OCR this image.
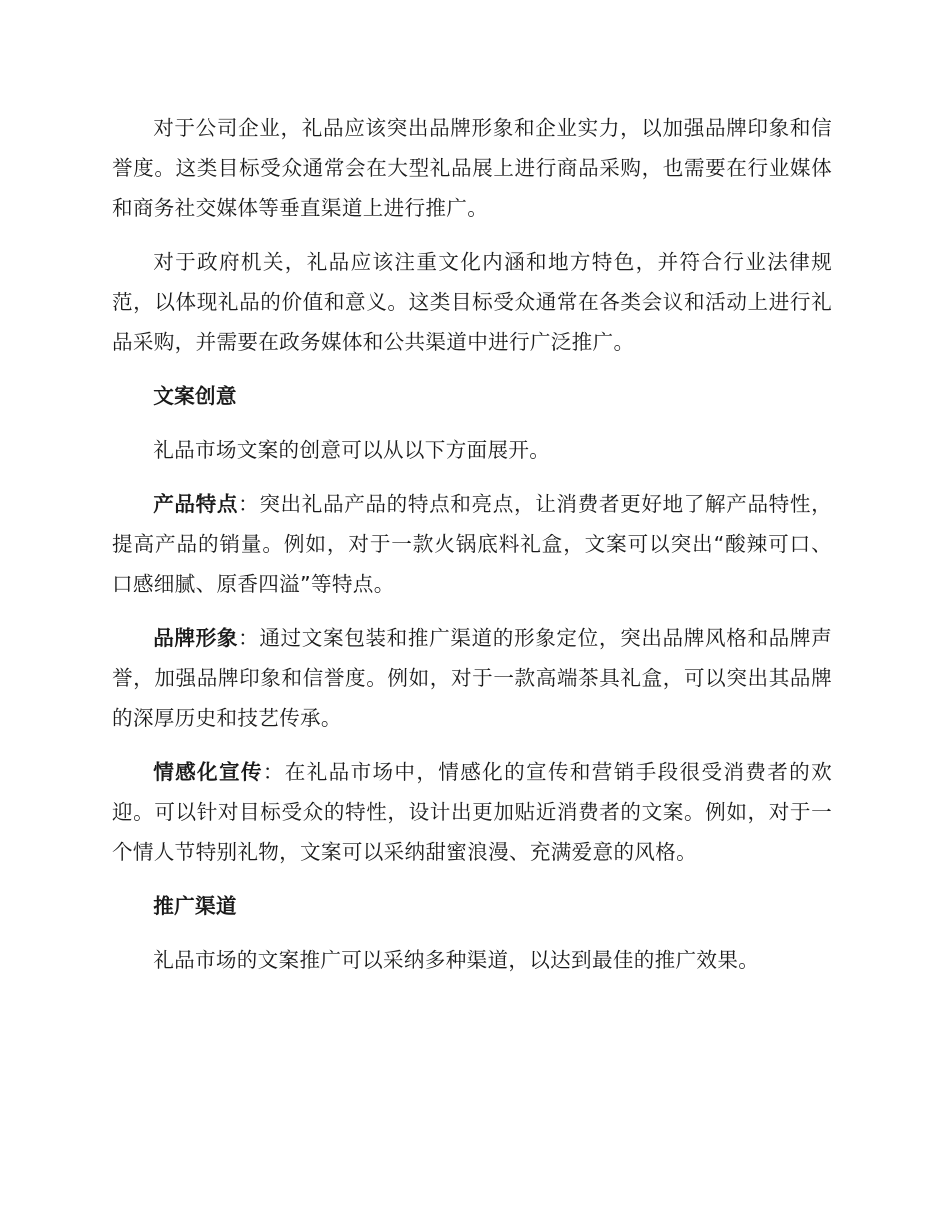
对于公司企业，礼品应该突出品牌形象和企业实力，以加强品牌印象和信誉度。这类目标受众通常会在大型礼品展上进行商品采购，也需要在行业媒体和商务社交媒体等垂直渠道上进行推广。

对于政府机关，礼品应该注重文化内涵和地方特色，并符合行业法律规范，以体现礼品的价值和意义。这类目标受众通常在各类会议和活动上进行礼品采购，并需要在政务媒体和公共渠道中进行广泛推广。

文案创意

礼品市场文案的创意可以从以下方面展开。

产品特点：突出礼品产品的特点和亮点，让消费者更好地了解产品特性，提高产品的销量。例如，对于一款火锅底料礼盒，文案可以突出“酸辣可口、口感细腻、原香四溢”等特点。

品牌形象：通过文案包装和推广渠道的形象定位，突出品牌风格和品牌声誉，加强品牌印象和信誉度。例如，对于一款高端茶具礼盒，可以突出其品牌的深厚历史和技艺传承。

情感化宣传：在礼品市场中，情感化的宣传和营销手段很受消费者的欢迎。可以针对目标受众的特性，设计出更加贴近消费者的文案。例如，对于一个情人节特别礼物，文案可以采纳甜蜜浪漫、充满爱意的风格。

推广渠道

礼品市场的文案推广可以采纳多种渠道，以达到最佳的推广效果。
